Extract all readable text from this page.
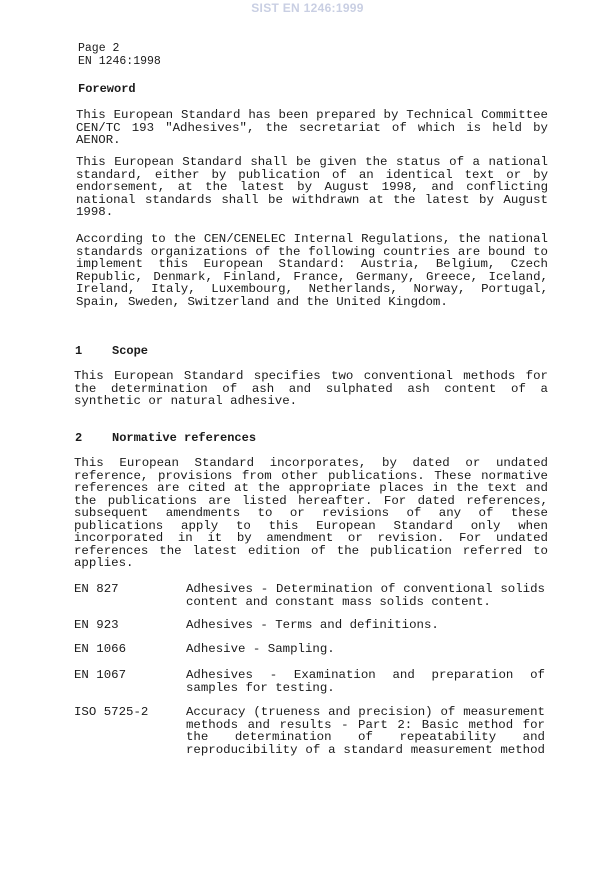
SIST EN 1246:1999
Page 2
EN 1246:1998
Foreword
This European Standard has been prepared by Technical Committee CEN/TC 193 "Adhesives", the secretariat of which is held by AENOR.
This European Standard shall be given the status of a national standard, either by publication of an identical text or by endorsement, at the latest by August 1998, and conflicting national standards shall be withdrawn at the latest by August 1998.
According to the CEN/CENELEC Internal Regulations, the national standards organizations of the following countries are bound to implement this European Standard: Austria, Belgium, Czech Republic, Denmark, Finland, France, Germany, Greece, Iceland, Ireland, Italy, Luxembourg, Netherlands, Norway, Portugal, Spain, Sweden, Switzerland and the United Kingdom.
1 Scope
This European Standard specifies two conventional methods for the determination of ash and sulphated ash content of a synthetic or natural adhesive.
2 Normative references
This European Standard incorporates, by dated or undated reference, provisions from other publications. These normative references are cited at the appropriate places in the text and the publications are listed hereafter. For dated references, subsequent amendments to or revisions of any of these publications apply to this European Standard only when incorporated in it by amendment or revision. For undated references the latest edition of the publication referred to applies.
EN 827	Adhesives - Determination of conventional solids content and constant mass solids content.
EN 923	Adhesives - Terms and definitions.
EN 1066	Adhesive - Sampling.
EN 1067	Adhesives - Examination and preparation of samples for testing.
ISO 5725-2	Accuracy (trueness and precision) of measurement methods and results - Part 2: Basic method for the determination of repeatability and reproducibility of a standard measurement method
